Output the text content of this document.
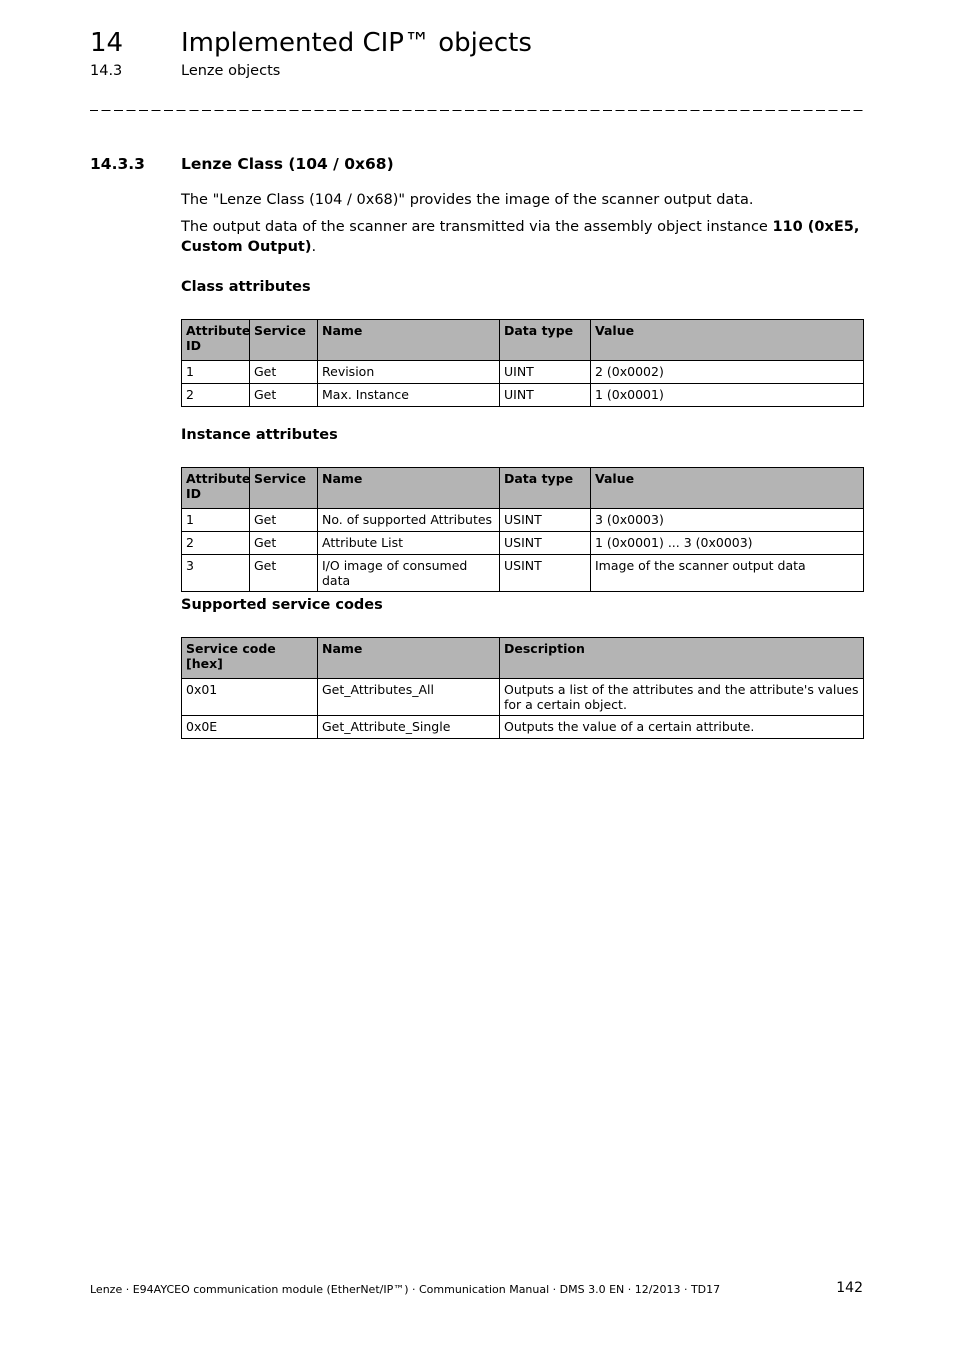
14 Implemented CIP™ objects
14.3	Lenze objects
14.3.3 Lenze Class (104 / 0x68)
The "Lenze Class (104 / 0x68)" provides the image of the scanner output data.
The output data of the scanner are transmitted via the assembly object instance 110 (0xE5, Custom Output).
Class attributes
Attribute ID	Service	Name	Data type	Value
1	Get	Revision	UINT	2 (0x0002)
2	Get	Max. Instance	UINT	1 (0x0001)
Instance attributes
Attribute ID	Service	Name	Data type	Value
1	Get	No. of supported Attributes	USINT	3 (0x0003)
2	Get	Attribute List	USINT	1 (0x0001) ... 3 (0x0003)
3	Get	I/O image of consumed data	USINT	Image of the scanner output data
Supported service codes
Service code [hex]	Name	Description
0x01	Get_Attributes_All	Outputs a list of the attributes and the attribute's values for a certain object.
0x0E	Get_Attribute_Single	Outputs the value of a certain attribute.
Lenze · E94AYCEO communication module (EtherNet/IP™) · Communication Manual · DMS 3.0 EN · 12/2013 · TD17	142
